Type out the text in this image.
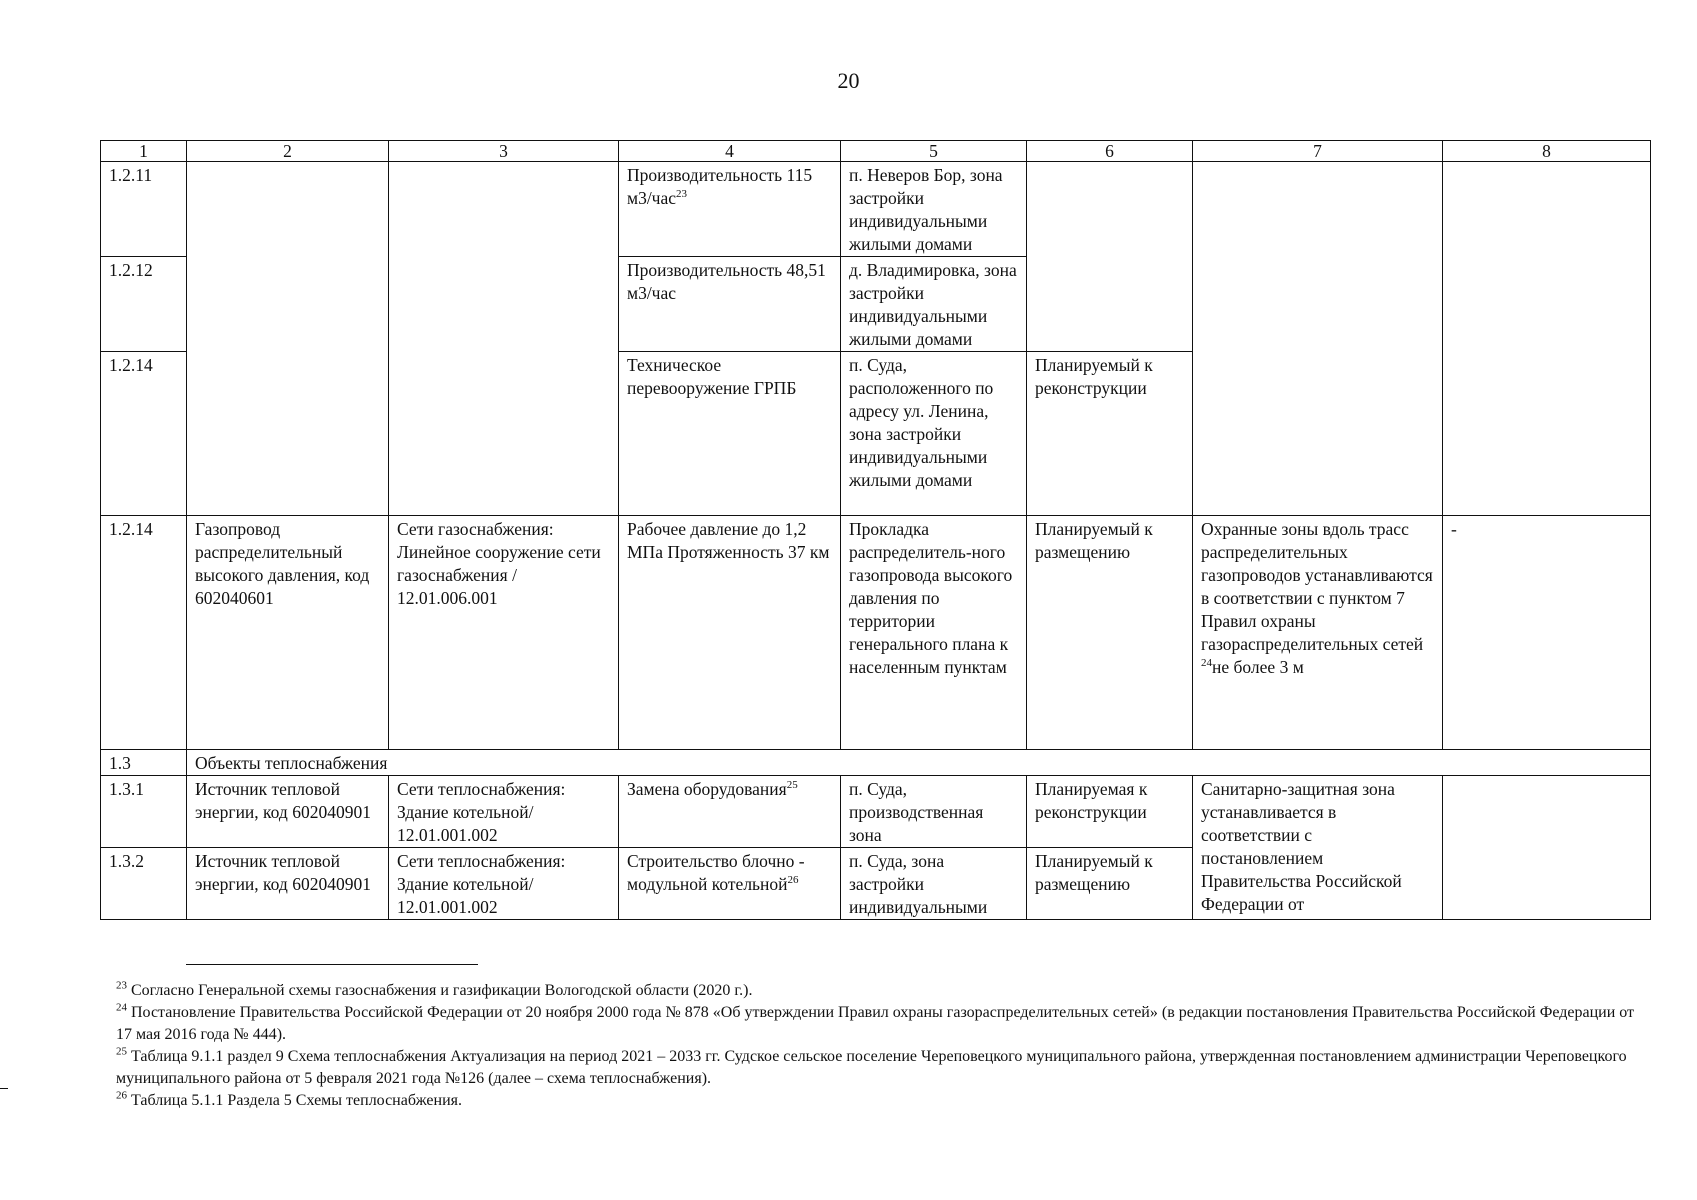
20
1	2	3	4	5	6	7	8
1.2.11			Производительность 115 м3/час$^{23}$	п. Неверов Бор, зона застройки индивидуальными жилыми домами			
1.2.12			Производительность 48,51 м3/час	д. Владимировка, зона застройки индивидуальными жилыми домами			
1.2.14			Техническое перевооружение ГРПБ	п. Суда, расположенного по адресу ул. Ленина, зона застройки индивидуальными жилыми домами	Планируемый к реконструкции		
1.2.14	Газопровод распределительный высокого давления, код 602040601	Сети газоснабжения: Линейное сооружение сети газоснабжения / 12.01.006.001	Рабочее давление до 1,2 МПа Протяженность 37 км	Прокладка распределитель-ного газопровода высокого давления по территории генерального плана к населенным пунктам	Планируемый к размещению	Охранные зоны вдоль трасс распределительных газопроводов устанавливаются в соответствии с пунктом 7 Правил охраны газораспределительных сетей $^{24}$не более 3 м	-
1.3	Объекты теплоснабжения						
1.3.1	Источник тепловой энергии, код 602040901	Сети теплоснабжения: Здание котельной/ 12.01.001.002	Замена оборудования$^{25}$	п. Суда, производственная зона	Планируемая к реконструкции	Санитарно-защитная зона устанавливается в соответствии с постановлением Правительства Российской Федерации от	
1.3.2	Источник тепловой энергии, код 602040901	Сети теплоснабжения: Здание котельной/ 12.01.001.002	Строительство блочно - модульной котельной$^{26}$	п. Суда, зона застройки индивидуальными	Планируемый к размещению		

$^{23}$ Согласно Генеральной схемы газоснабжения и газификации Вологодской области (2020 г.).

$^{24}$ Постановление Правительства Российской Федерации от 20 ноября 2000 года № 878 «Об утверждении Правил охраны газораспределительных сетей» (в редакции постановления Правительства Российской Федерации от 17 мая 2016 года № 444).

$^{25}$ Таблица 9.1.1 раздел 9 Схема теплоснабжения Актуализация на период 2021 – 2033 гг. Судское сельское поселение Череповецкого муниципального района, утвержденная постановлением администрации Череповецкого муниципального района от 5 февраля 2021 года №126 (далее – схема теплоснабжения).

$^{26}$ Таблица 5.1.1 Раздела 5 Схемы теплоснабжения.
